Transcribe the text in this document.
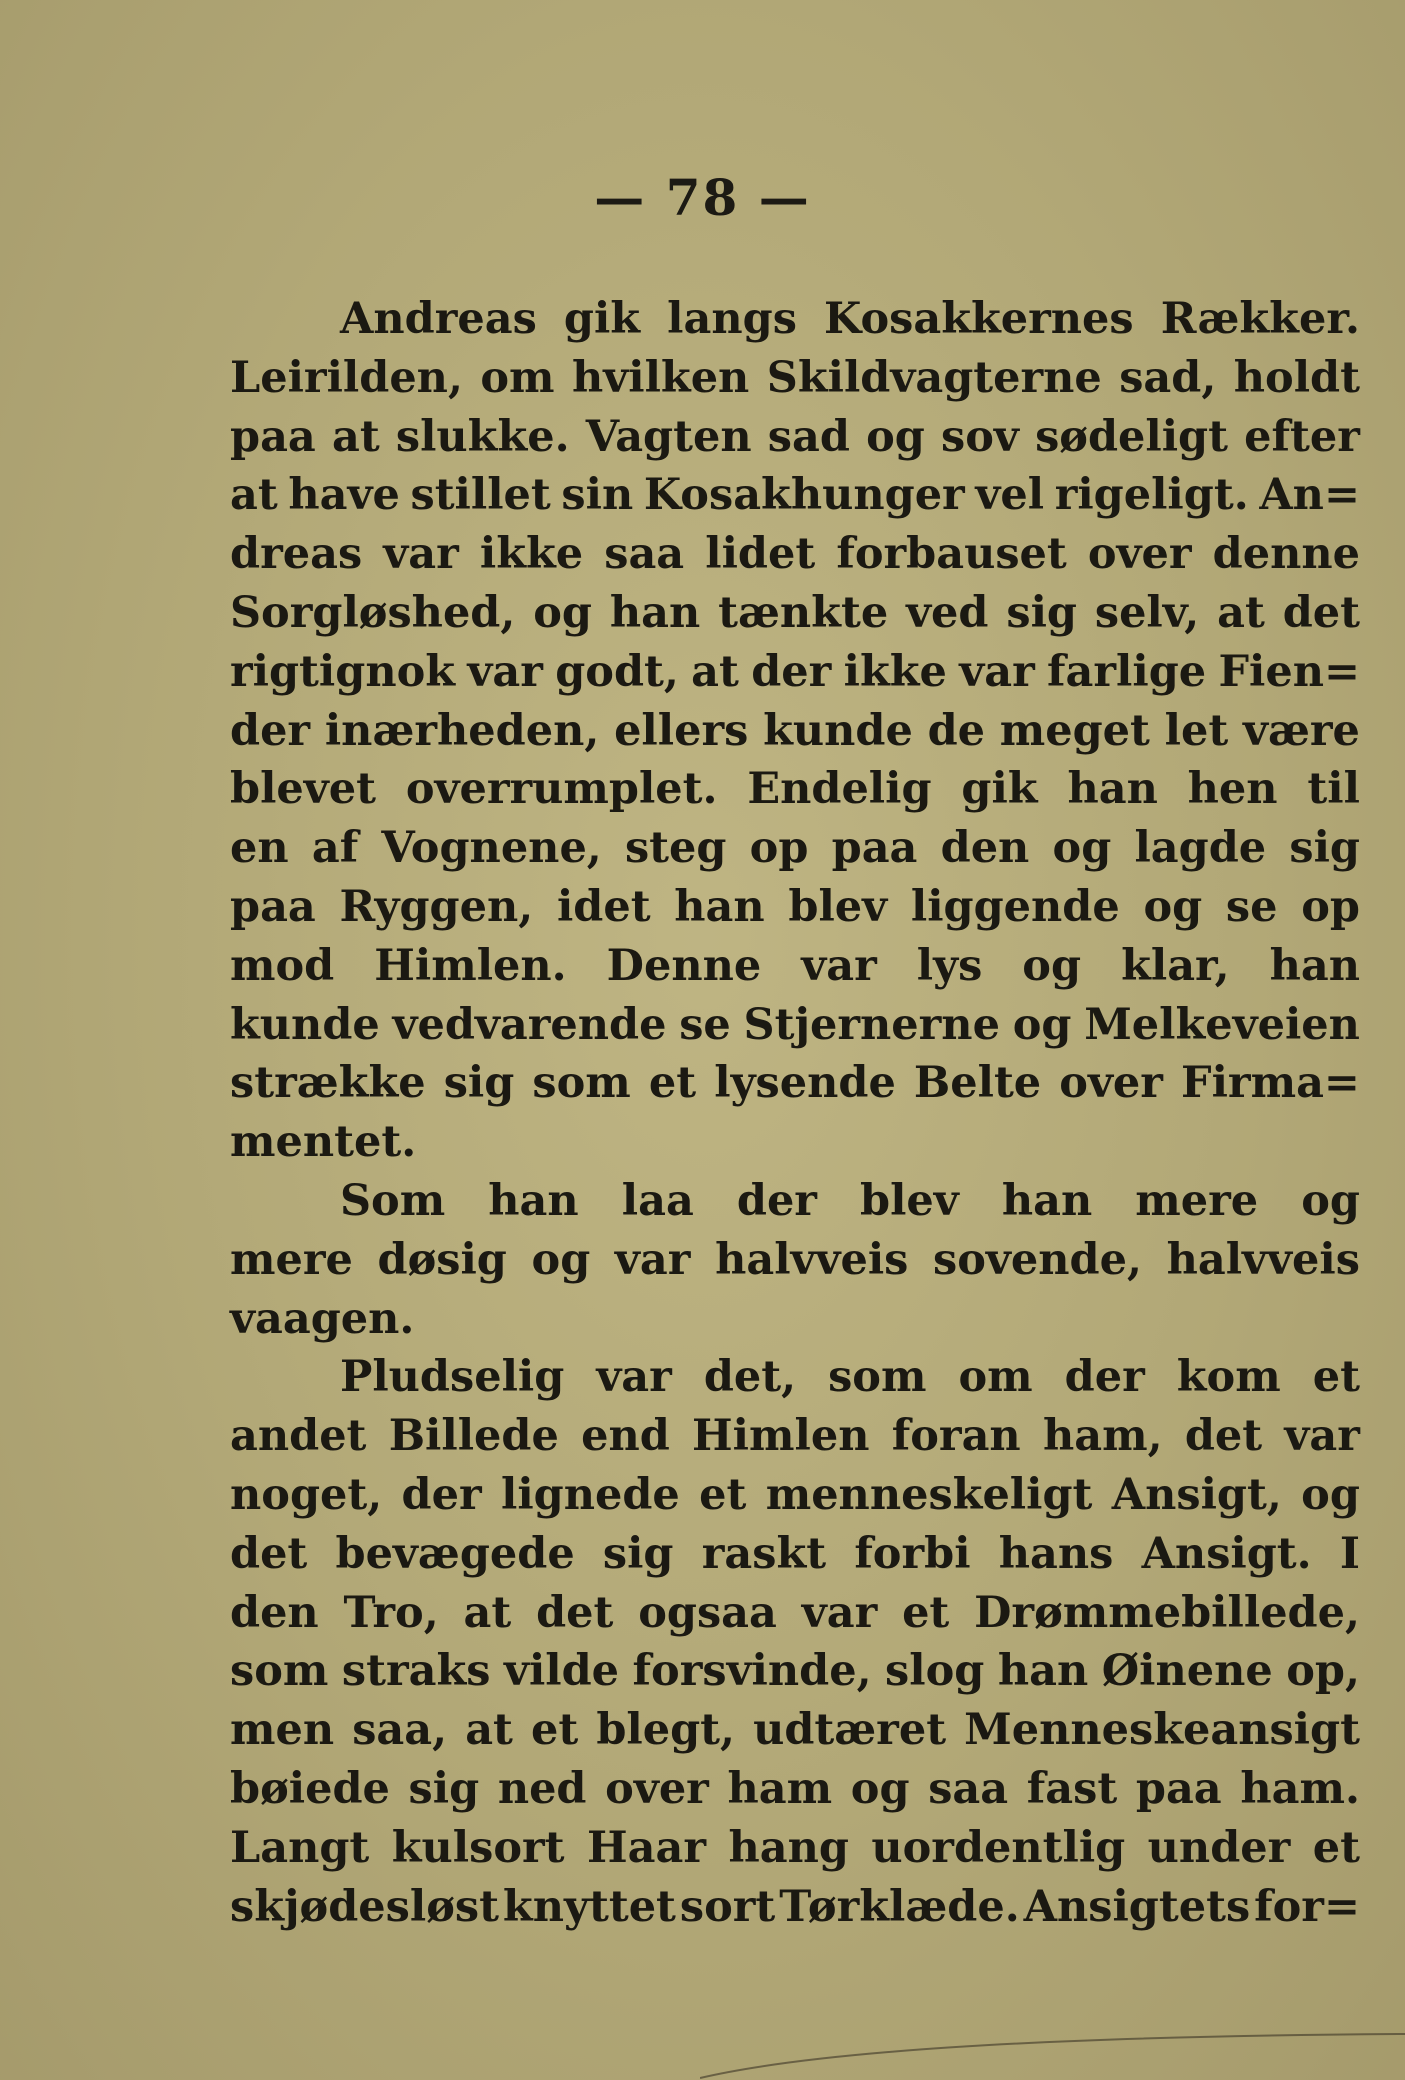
— 78 —
Andreas gik langs Kosakkernes Rækker.
Leirilden, om hvilken Skildvagterne sad, holdt
paa at slukke. Vagten sad og sov sødeligt efter
at have stillet sin Kosakhunger vel rigeligt. An=
dreas var ikke saa lidet forbauset over denne
Sorgløshed, og han tænkte ved sig selv, at det
rigtignok var godt, at der ikke var farlige Fien=
der inærheden, ellers kunde de meget let være
blevet overrumplet. Endelig gik han hen til
en af Vognene, steg op paa den og lagde sig
paa Ryggen, idet han blev liggende og se op
mod Himlen. Denne var lys og klar, han
kunde vedvarende se Stjernerne og Melkeveien
strække sig som et lysende Belte over Firma=
mentet.
Som han laa der blev han mere og
mere døsig og var halvveis sovende, halvveis
vaagen.
Pludselig var det, som om der kom et
andet Billede end Himlen foran ham, det var
noget, der lignede et menneskeligt Ansigt, og
det bevægede sig raskt forbi hans Ansigt. I
den Tro, at det ogsaa var et Drømmebillede,
som straks vilde forsvinde, slog han Øinene op,
men saa, at et blegt, udtæret Menneskeansigt
bøiede sig ned over ham og saa fast paa ham.
Langt kulsort Haar hang uordentlig under et
skjødesløst knyttet sort Tørklæde. Ansigtets for=
